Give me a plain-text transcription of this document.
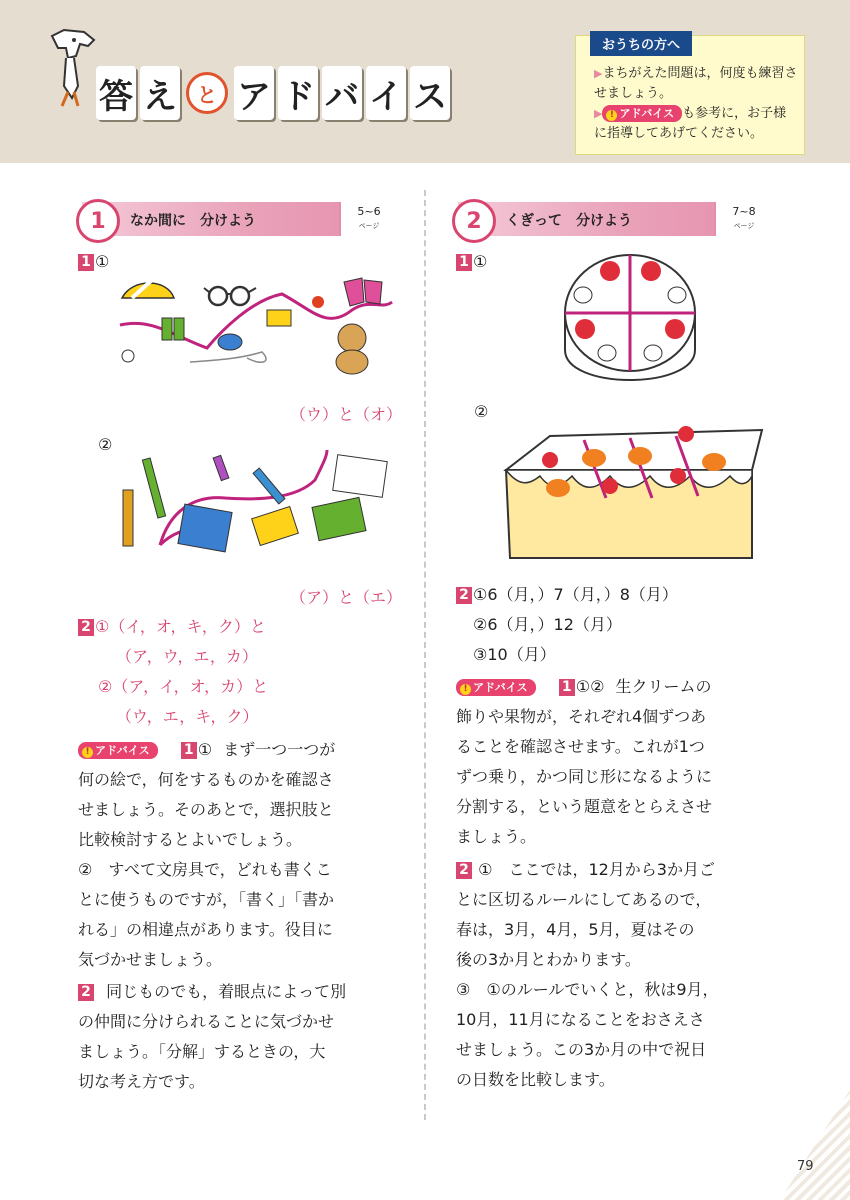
答 え	と ア ド バ イ ス
おうちの方へ
▶まちがえた問題は，何度も練習させましょう。
▶ ! アドバイス も参考に，お子様に指導してあげてください。
1	なか間に　分けよう
5~6
ページ
1 ①
（ウ）と（オ）
②
（ア）と（エ）
2 ①（イ，オ，キ，ク）と
（ア，ウ，エ，カ）
②（ア，イ，オ，カ）と
（ウ，エ，キ，ク）
! アドバイス 1 ① まず一つ一つが
何の絵で，何をするものかを確認さ
せましょう。そのあとで，選択肢と
比較検討するとよいでしょう。
②　すべて文房具で，どれも書くこ
とに使うものですが，「書く」「書か
れる」の相違点があります。役目に
気づかせましょう。
2 同じものでも，着眼点によって別
の仲間に分けられることに気づかせ
ましょう。「分解」するときの，大
切な考え方です。
2	くぎって　分けよう
7~8
ページ
1 ①
②
2 ①6（月，）7（月，）8（月）
②6（月，）12（月）
③10（月）
! アドバイス 1 ①② 生クリームの
飾りや果物が，それぞれ4個ずつあ
ることを確認させます。これが1つ
ずつ乗り，かつ同じ形になるように
分割する，という題意をとらえさせ
ましょう。
2 ①　ここでは，12月から3か月ご
とに区切るルールにしてあるので，
春は，3月，4月，5月，夏はその
後の3か月とわかります。
③　①のルールでいくと，秋は9月，
10月，11月になることをおさえさ
せましょう。この3か月の中で祝日
の日数を比較します。
79
